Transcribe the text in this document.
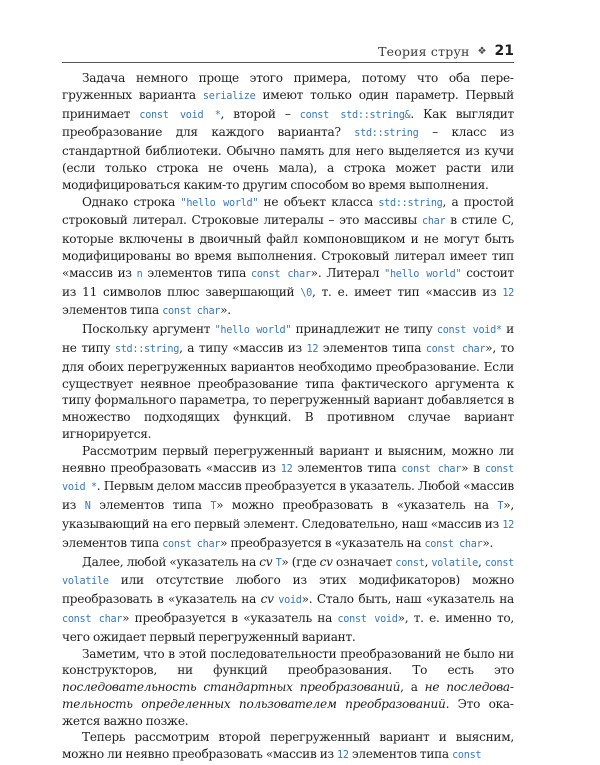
Теория струн ❖ 21

Задача немного проще этого примера, потому что оба перегруженных варианта serialize имеют только один параметр. Первый принимает const void *, второй – const std::string&. Как выглядит преобразование для каждого варианта? std::string – класс из стандартной библиотеки. Обычно память для него выделяется из кучи (если только строка не очень мала), а строка может расти или модифицироваться каким-то другим способом во время выполнения.

Однако строка "hello world" не объект класса std::string, а простой строковый литерал. Строковые литералы – это массивы char в стиле C, которые включены в двоичный файл компоновщиком и не могут быть модифицированы во время выполнения. Строковый литерал имеет тип «массив из n элементов типа const char». Литерал "hello world" состоит из 11 символов плюс завершающий \0, т. е. имеет тип «массив из 12 элементов типа const char».

Поскольку аргумент "hello world" принадлежит не типу const void* и не типу std::string, а типу «массив из 12 элементов типа const char», то для обоих перегруженных вариантов необходимо преобразование. Если существует неявное преобразование типа фактического аргумента к типу формального параметра, то перегруженный вариант добавляется в множество подходящих функций. В противном случае вариант игнорируется.

Рассмотрим первый перегруженный вариант и выясним, можно ли неявно преобразовать «массив из 12 элементов типа const char» в const void *. Первым делом массив преобразуется в указатель. Любой «массив из N элементов типа T» можно преобразовать в «указатель на T», указывающий на его первый элемент. Следовательно, наш «массив из 12 элементов типа const char» преобразуется в «указатель на const char».

Далее, любой «указатель на cv T» (где cv означает const, volatile, const volatile или отсутствие любого из этих модификаторов) можно преобразовать в «указатель на cv void». Стало быть, наш «указатель на const char» преобразуется в «указатель на const void», т. е. именно то, чего ожидает первый перегруженный вариант.

Заметим, что в этой последовательности преобразований не было ни конструкторов, ни функций преобразования. То есть это последовательность стандартных преобразований, а не последовательность определенных пользователем преобразований. Это окажется важно позже.

Теперь рассмотрим второй перегруженный вариант и выясним, можно ли неявно преобразовать «массив из 12 элементов типа const
